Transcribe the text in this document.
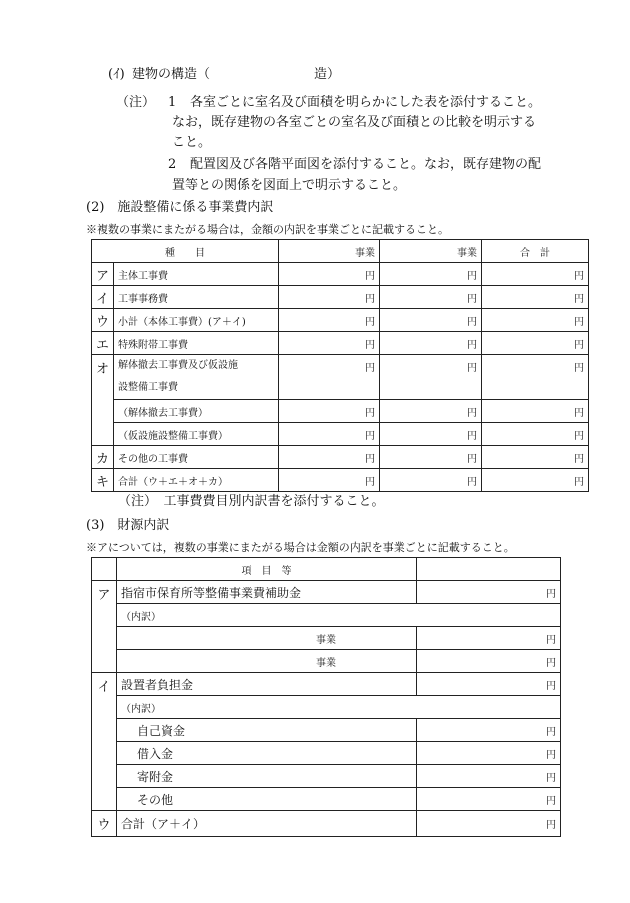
(ｲ) 建物の構造（	造）
（注） 1 各室ごとに室名及び面積を明らかにした表を添付すること。
なお，既存建物の各室ごとの室名及び面積との比較を明示する
こと。
2 配置図及び各階平面図を添付すること。なお，既存建物の配
置等との関係を図面上で明示すること。
(2)　施設整備に係る事業費内訳
※複数の事業にまたがる場合は，金額の内訳を事業ごとに記載すること。
種　　目		事業	事業	合　計
ア	主体工事費	円	円	円
イ	工事事務費	円	円	円
ウ	小計（本体工事費）(ア＋イ)	円	円	円
エ	特殊附帯工事費	円	円	円
オ	解体撤去工事費及び仮設施
設整備工事費	円	円	円
	（解体撤去工事費）	円	円	円
	（仮設施設整備工事費）	円	円	円
カ	その他の工事費	円	円	円
キ	合計（ウ＋エ＋オ＋カ）	円	円	円
（注）　工事費費目別内訳書を添付すること。
(3)　財源内訳
※アについては，複数の事業にまたがる場合は金額の内訳を事業ごとに記載すること。
	項　目　等	
ア	指宿市保育所等整備事業費補助金	円
	（内訳）	
	事業	円
	事業	円
イ	設置者負担金	円
	（内訳）	
	自己資金	円
	借入金	円
	寄附金	円
	その他	円
ウ	合計（ア＋イ）	円
